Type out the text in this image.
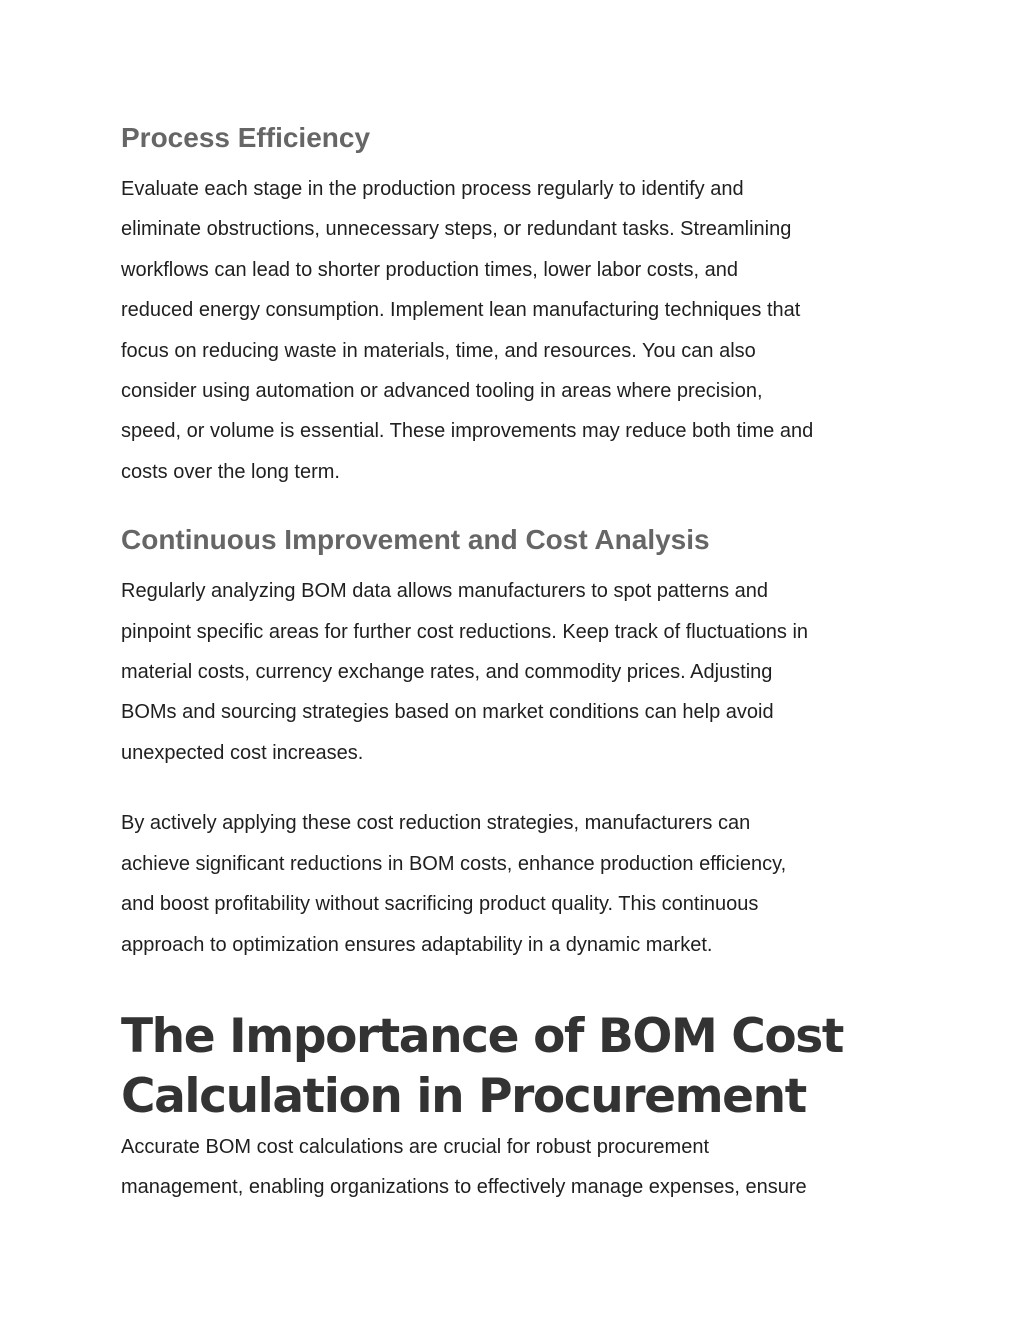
Process Efficiency

Evaluate each stage in the production process regularly to identify and
eliminate obstructions, unnecessary steps, or redundant tasks. Streamlining
workflows can lead to shorter production times, lower labor costs, and
reduced energy consumption. Implement lean manufacturing techniques that
focus on reducing waste in materials, time, and resources. You can also
consider using automation or advanced tooling in areas where precision,
speed, or volume is essential. These improvements may reduce both time and
costs over the long term.

Continuous Improvement and Cost Analysis

Regularly analyzing BOM data allows manufacturers to spot patterns and
pinpoint specific areas for further cost reductions. Keep track of fluctuations in
material costs, currency exchange rates, and commodity prices. Adjusting
BOMs and sourcing strategies based on market conditions can help avoid
unexpected cost increases.

By actively applying these cost reduction strategies, manufacturers can
achieve significant reductions in BOM costs, enhance production efficiency,
and boost profitability without sacrificing product quality. This continuous
approach to optimization ensures adaptability in a dynamic market.

The Importance of BOM Cost
Calculation in Procurement

Accurate BOM cost calculations are crucial for robust procurement
management, enabling organizations to effectively manage expenses, ensure
